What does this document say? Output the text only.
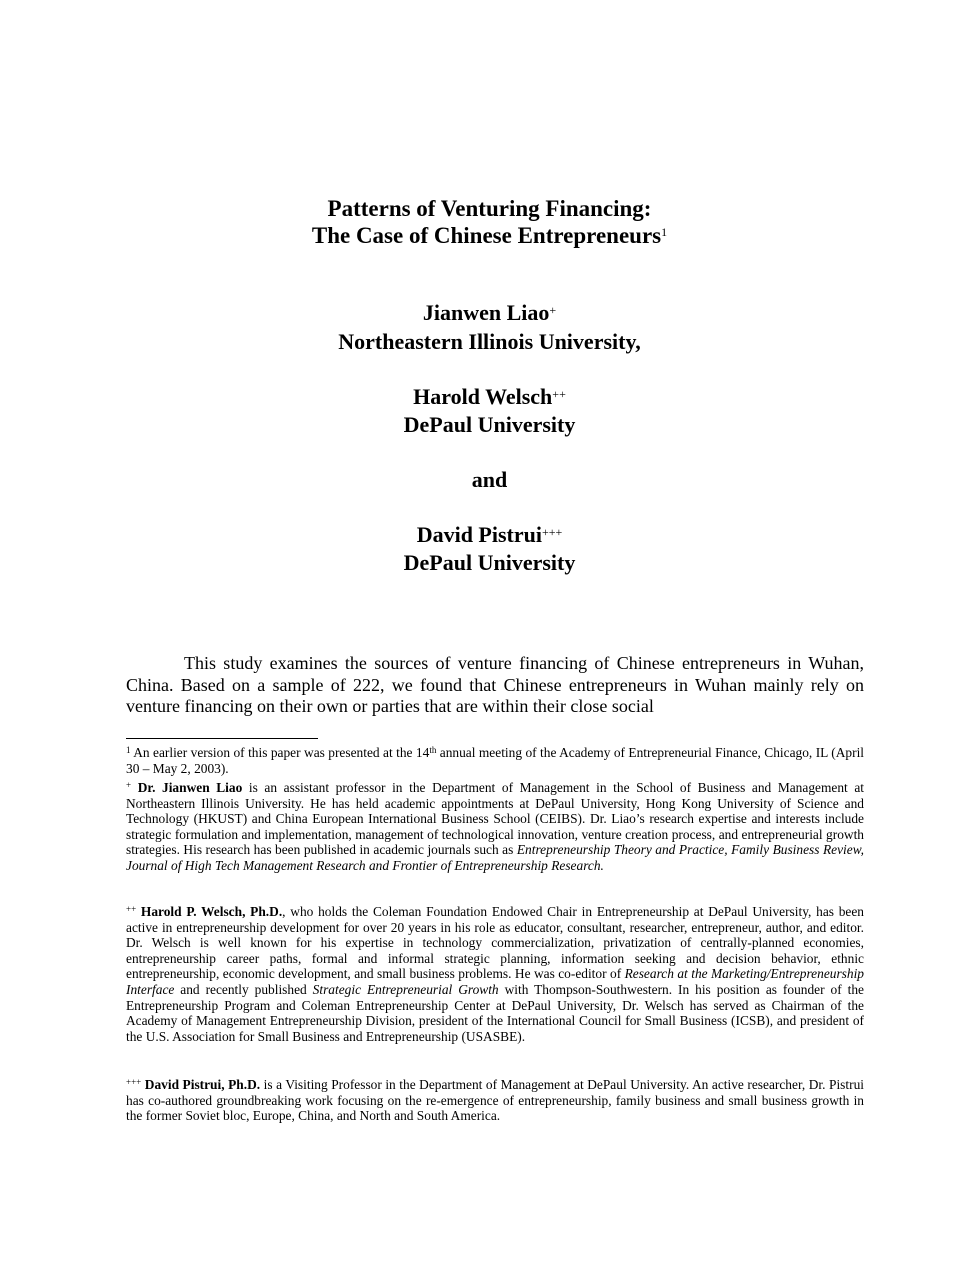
Patterns of Venturing Financing:
The Case of Chinese Entrepreneurs$^1$
Jianwen Liao+
Northeastern Illinois University,
Harold Welsch++
DePaul University
and
David Pistrui+++
DePaul University
This study examines the sources of venture financing of Chinese entrepreneurs in Wuhan, China. Based on a sample of 222, we found that Chinese entrepreneurs in Wuhan mainly rely on venture financing on their own or parties that are within their close social
$^1$ An earlier version of this paper was presented at the 14th annual meeting of the Academy of Entrepreneurial Finance, Chicago, IL (April 30 – May 2, 2003).
+ Dr. Jianwen Liao is an assistant professor in the Department of Management in the School of Business and Management at Northeastern Illinois University. He has held academic appointments at DePaul University, Hong Kong University of Science and Technology (HKUST) and China European International Business School (CEIBS). Dr. Liao’s research expertise and interests include strategic formulation and implementation, management of technological innovation, venture creation process, and entrepreneurial growth strategies. His research has been published in academic journals such as Entrepreneurship Theory and Practice, Family Business Review, Journal of High Tech Management Research and Frontier of Entrepreneurship Research.
++ Harold P. Welsch, Ph.D., who holds the Coleman Foundation Endowed Chair in Entrepreneurship at DePaul University, has been active in entrepreneurship development for over 20 years in his role as educator, consultant, researcher, entrepreneur, author, and editor. Dr. Welsch is well known for his expertise in technology commercialization, privatization of centrally-planned economies, entrepreneurship career paths, formal and informal strategic planning, information seeking and decision behavior, ethnic entrepreneurship, economic development, and small business problems. He was co-editor of Research at the Marketing/Entrepreneurship Interface and recently published Strategic Entrepreneurial Growth with Thompson-Southwestern. In his position as founder of the Entrepreneurship Program and Coleman Entrepreneurship Center at DePaul University, Dr. Welsch has served as Chairman of the Academy of Management Entrepreneurship Division, president of the International Council for Small Business (ICSB), and president of the U.S. Association for Small Business and Entrepreneurship (USASBE).
+++ David Pistrui, Ph.D. is a Visiting Professor in the Department of Management at DePaul University. An active researcher, Dr. Pistrui has co-authored groundbreaking work focusing on the re-emergence of entrepreneurship, family business and small business growth in the former Soviet bloc, Europe, China, and North and South America.
